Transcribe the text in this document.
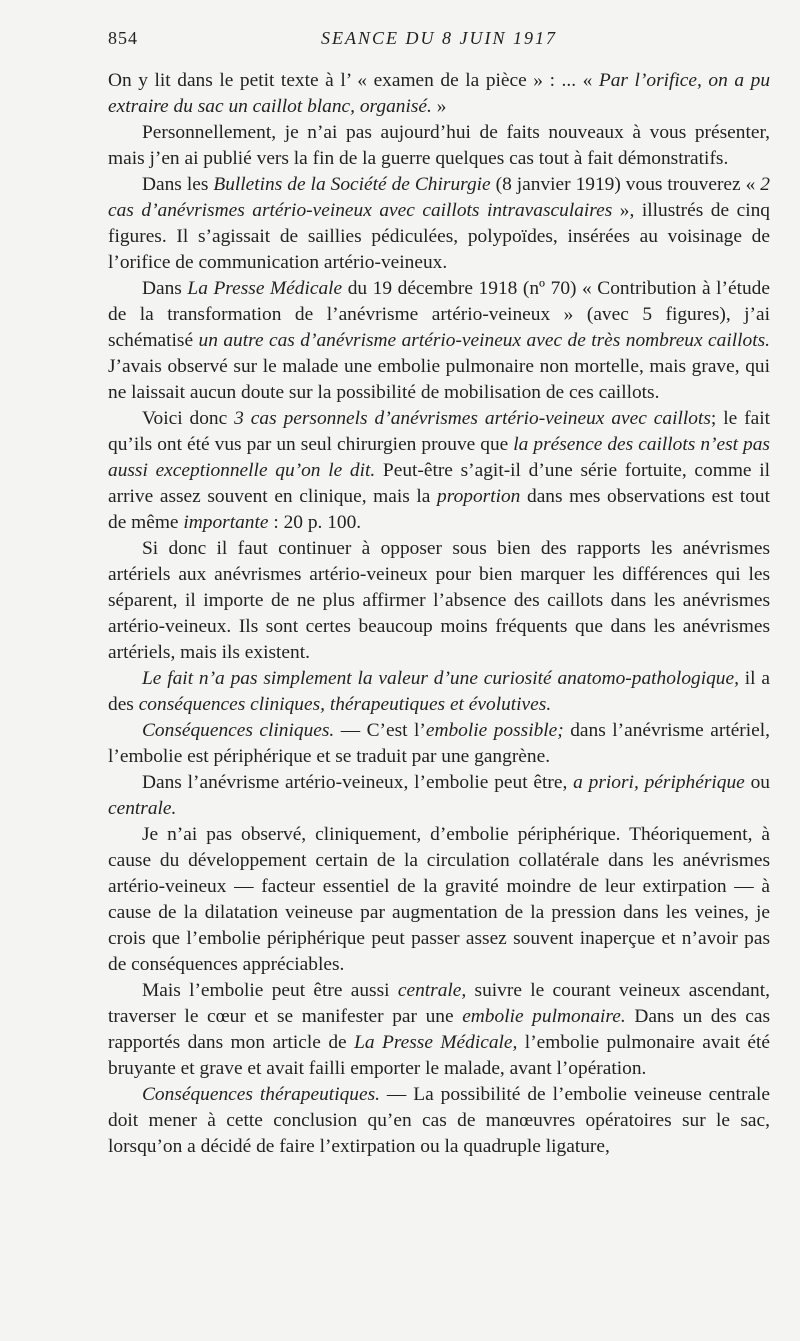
854	SEANCE DU 8 JUIN 1917

On y lit dans le petit texte à l’ « examen de la pièce » : ... « Par l’orifice, on a pu extraire du sac un caillot blanc, organisé. »

Personnellement, je n’ai pas aujourd’hui de faits nouveaux à vous présenter, mais j’en ai publié vers la fin de la guerre quelques cas tout à fait démonstratifs.

Dans les Bulletins de la Société de Chirurgie (8 janvier 1919) vous trouverez « 2 cas d’anévrismes artério-veineux avec caillots intravasculaires », illustrés de cinq figures. Il s’agissait de saillies pédiculées, polypoïdes, insérées au voisinage de l’orifice de communication artério-veineux.

Dans La Presse Médicale du 19 décembre 1918 (nº 70) « Contribution à l’étude de la transformation de l’anévrisme artério-veineux » (avec 5 figures), j’ai schématisé un autre cas d’anévrisme artério-veineux avec de très nombreux caillots. J’avais observé sur le malade une embolie pulmonaire non mortelle, mais grave, qui ne laissait aucun doute sur la possibilité de mobilisation de ces caillots.

Voici donc 3 cas personnels d’anévrismes artério-veineux avec caillots; le fait qu’ils ont été vus par un seul chirurgien prouve que la présence des caillots n’est pas aussi exceptionnelle qu’on le dit. Peut-être s’agit-il d’une série fortuite, comme il arrive assez souvent en clinique, mais la proportion dans mes observations est tout de même importante : 20 p. 100.

Si donc il faut continuer à opposer sous bien des rapports les anévrismes artériels aux anévrismes artério-veineux pour bien marquer les différences qui les séparent, il importe de ne plus affirmer l’absence des caillots dans les anévrismes artério-veineux. Ils sont certes beaucoup moins fréquents que dans les anévrismes artériels, mais ils existent.

Le fait n’a pas simplement la valeur d’une curiosité anatomo-pathologique, il a des conséquences cliniques, thérapeutiques et évolutives.

Conséquences cliniques. — C’est l’embolie possible; dans l’anévrisme artériel, l’embolie est périphérique et se traduit par une gangrène.

Dans l’anévrisme artério-veineux, l’embolie peut être, a priori, périphérique ou centrale.

Je n’ai pas observé, cliniquement, d’embolie périphérique. Théoriquement, à cause du développement certain de la circulation collatérale dans les anévrismes artério-veineux — facteur essentiel de la gravité moindre de leur extirpation — à cause de la dilatation veineuse par augmentation de la pression dans les veines, je crois que l’embolie périphérique peut passer assez souvent inaperçue et n’avoir pas de conséquences appréciables.

Mais l’embolie peut être aussi centrale, suivre le courant veineux ascendant, traverser le cœur et se manifester par une embolie pulmonaire. Dans un des cas rapportés dans mon article de La Presse Médicale, l’embolie pulmonaire avait été bruyante et grave et avait failli emporter le malade, avant l’opération.

Conséquences thérapeutiques. — La possibilité de l’embolie veineuse centrale doit mener à cette conclusion qu’en cas de manœuvres opératoires sur le sac, lorsqu’on a décidé de faire l’extirpation ou la quadruple ligature,
